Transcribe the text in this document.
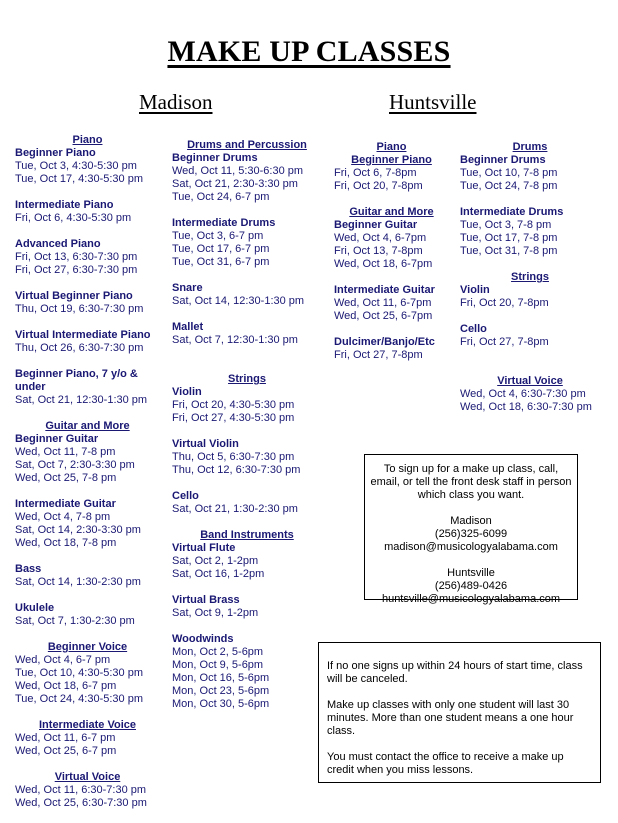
MAKE UP CLASSES
Madison	Huntsville
Piano
Beginner Piano
Tue, Oct 3, 4:30-5:30 pm
Tue, Oct 17, 4:30-5:30 pm
Intermediate Piano
Fri, Oct 6, 4:30-5:30 pm
Advanced Piano
Fri, Oct 13, 6:30-7:30 pm
Fri, Oct 27, 6:30-7:30 pm
Virtual Beginner Piano
Thu, Oct 19, 6:30-7:30 pm
Virtual Intermediate Piano
Thu, Oct 26, 6:30-7:30 pm
Beginner Piano, 7 y/o &
under
Sat, Oct 21, 12:30-1:30 pm
Guitar and More
Beginner Guitar
Wed, Oct 11, 7-8 pm
Sat, Oct 7, 2:30-3:30 pm
Wed, Oct 25, 7-8 pm
Intermediate Guitar
Wed, Oct 4, 7-8 pm
Sat, Oct 14, 2:30-3:30 pm
Wed, Oct 18, 7-8 pm
Bass
Sat, Oct 14, 1:30-2:30 pm
Ukulele
Sat, Oct 7, 1:30-2:30 pm
Beginner Voice
Wed, Oct 4, 6-7 pm
Tue, Oct 10, 4:30-5:30 pm
Wed, Oct 18, 6-7 pm
Tue, Oct 24, 4:30-5:30 pm
Intermediate Voice
Wed, Oct 11, 6-7 pm
Wed, Oct 25, 6-7 pm
Virtual Voice
Wed, Oct 11, 6:30-7:30 pm
Wed, Oct 25, 6:30-7:30 pm
Drums and Percussion
Beginner Drums
Wed, Oct 11, 5:30-6:30 pm
Sat, Oct 21, 2:30-3:30 pm
Tue, Oct 24, 6-7 pm
Intermediate Drums
Tue, Oct 3, 6-7 pm
Tue, Oct 17, 6-7 pm
Tue, Oct 31, 6-7 pm
Snare
Sat, Oct 14, 12:30-1:30 pm
Mallet
Sat, Oct 7, 12:30-1:30 pm
Strings
Violin
Fri, Oct 20, 4:30-5:30 pm
Fri, Oct 27, 4:30-5:30 pm
Virtual Violin
Thu, Oct 5, 6:30-7:30 pm
Thu, Oct 12, 6:30-7:30 pm
Cello
Sat, Oct 21, 1:30-2:30 pm
Band Instruments
Virtual Flute
Sat, Oct 2, 1-2pm
Sat, Oct 16, 1-2pm
Virtual Brass
Sat, Oct 9, 1-2pm
Woodwinds
Mon, Oct 2, 5-6pm
Mon, Oct 9, 5-6pm
Mon, Oct 16, 5-6pm
Mon, Oct 23, 5-6pm
Mon, Oct 30, 5-6pm
Piano
Beginner Piano
Fri, Oct 6, 7-8pm
Fri, Oct 20, 7-8pm
Guitar and More
Beginner Guitar
Wed, Oct 4, 6-7pm
Fri, Oct 13, 7-8pm
Wed, Oct 18, 6-7pm
Intermediate Guitar
Wed, Oct 11, 6-7pm
Wed, Oct 25, 6-7pm
Dulcimer/Banjo/Etc
Fri, Oct 27, 7-8pm
Drums
Beginner Drums
Tue, Oct 10, 7-8 pm
Tue, Oct 24, 7-8 pm
Intermediate Drums
Tue, Oct 3, 7-8 pm
Tue, Oct 17, 7-8 pm
Tue, Oct 31, 7-8 pm
Strings
Violin
Fri, Oct 20, 7-8pm
Cello
Fri, Oct 27, 7-8pm
Virtual Voice
Wed, Oct 4, 6:30-7:30 pm
Wed, Oct 18, 6:30-7:30 pm

To sign up for a make up class, call,
email, or tell the front desk staff in person
which class you want.

Madison
(256)325-6099
madison@musicologyalabama.com

Huntsville
(256)489-0426
huntsville@musicologyalabama.com

If no one signs up within 24 hours of start time, class
will be canceled.

Make up classes with only one student will last 30
minutes. More than one student means a one hour
class.

You must contact the office to receive a make up
credit when you miss lessons.
